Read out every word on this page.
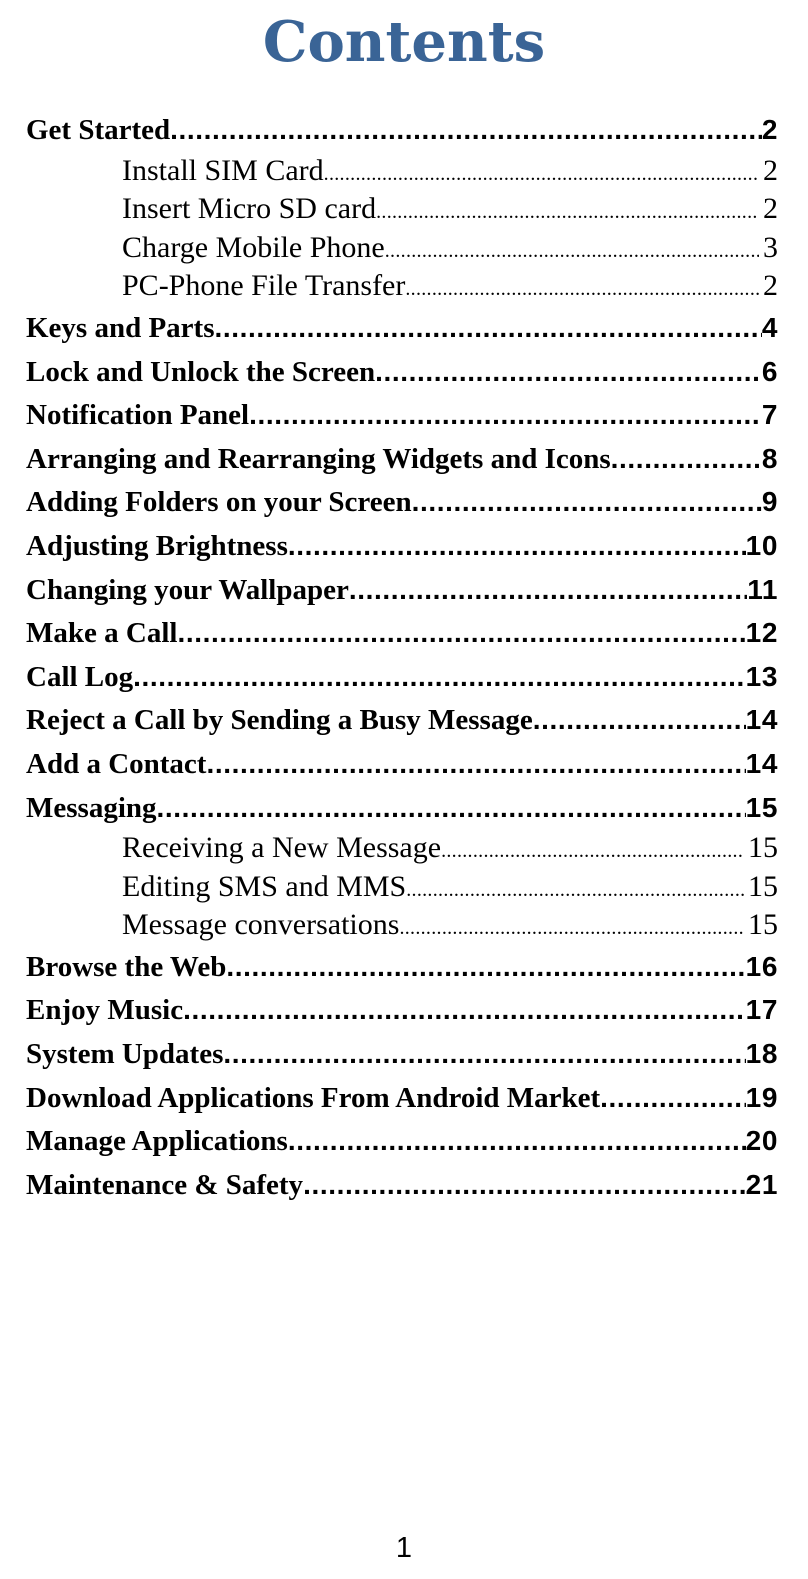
Contents
Get Started .....	2
Install SIM Card .....	2
Insert Micro SD card .....	2
Charge Mobile Phone .....	3
PC-Phone File Transfer .....	2
Keys and Parts .....	4
Lock and Unlock the Screen .....	6
Notification Panel .....	7
Arranging and Rearranging Widgets and Icons .....	8
Adding Folders on your Screen .....	9
Adjusting Brightness .....	10
Changing your Wallpaper .....	11
Make a Call .....	12
Call Log .....	13
Reject a Call by Sending a Busy Message .....	14
Add a Contact .....	14
Messaging .....	15
Receiving a New Message .....	15
Editing SMS and MMS .....	15
Message conversations .....	15
Browse the Web .....	16
Enjoy Music .....	17
System Updates .....	18
Download Applications From Android Market .....	19
Manage Applications .....	20
Maintenance & Safety .....	21
1
